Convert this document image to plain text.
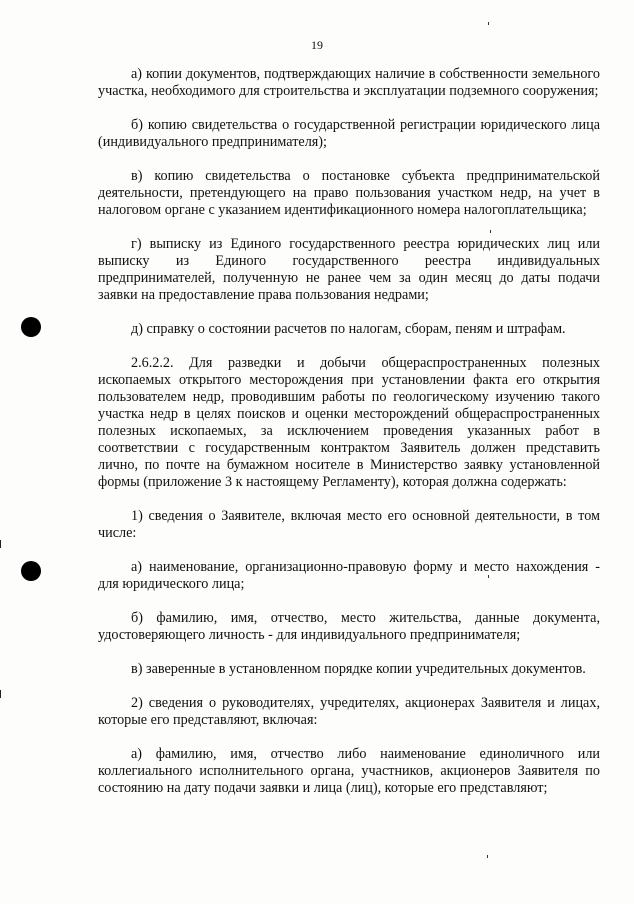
19

а) копии документов, подтверждающих наличие в собственности земельного участка, необходимого для строительства и эксплуатации подземного сооружения;

б) копию свидетельства о государственной регистрации юридического лица (индивидуального предпринимателя);

в) копию свидетельства о постановке субъекта предпринимательской деятельности, претендующего на право пользования участком недр, на учет в налоговом органе с указанием идентификационного номера налогоплательщика;

г) выписку из Единого государственного реестра юридических лиц или выписку из Единого государственного реестра индивидуальных предпринимателей, полученную не ранее чем за один месяц до даты подачи заявки на предоставление права пользования недрами;

д) справку о состоянии расчетов по налогам, сборам, пеням и штрафам.

2.6.2.2. Для разведки и добычи общераспространенных полезных ископаемых открытого месторождения при установлении факта его открытия пользователем недр, проводившим работы по геологическому изучению такого участка недр в целях поисков и оценки месторождений общераспространенных полезных ископаемых, за исключением проведения указанных работ в соответствии с государственным контрактом Заявитель должен представить лично, по почте на бумажном носителе в Министерство заявку установленной формы (приложение 3 к настоящему Регламенту), которая должна содержать:

1) сведения о Заявителе, включая место его основной деятельности, в том числе:

а) наименование, организационно-правовую форму и место нахождения - для юридического лица;

б) фамилию, имя, отчество, место жительства, данные документа, удостоверяющего личность - для индивидуального предпринимателя;

в) заверенные в установленном порядке копии учредительных документов.

2) сведения о руководителях, учредителях, акционерах Заявителя и лицах, которые его представляют, включая:

а) фамилию, имя, отчество либо наименование единоличного или коллегиального исполнительного органа, участников, акционеров Заявителя по состоянию на дату подачи заявки и лица (лиц), которые его представляют;
